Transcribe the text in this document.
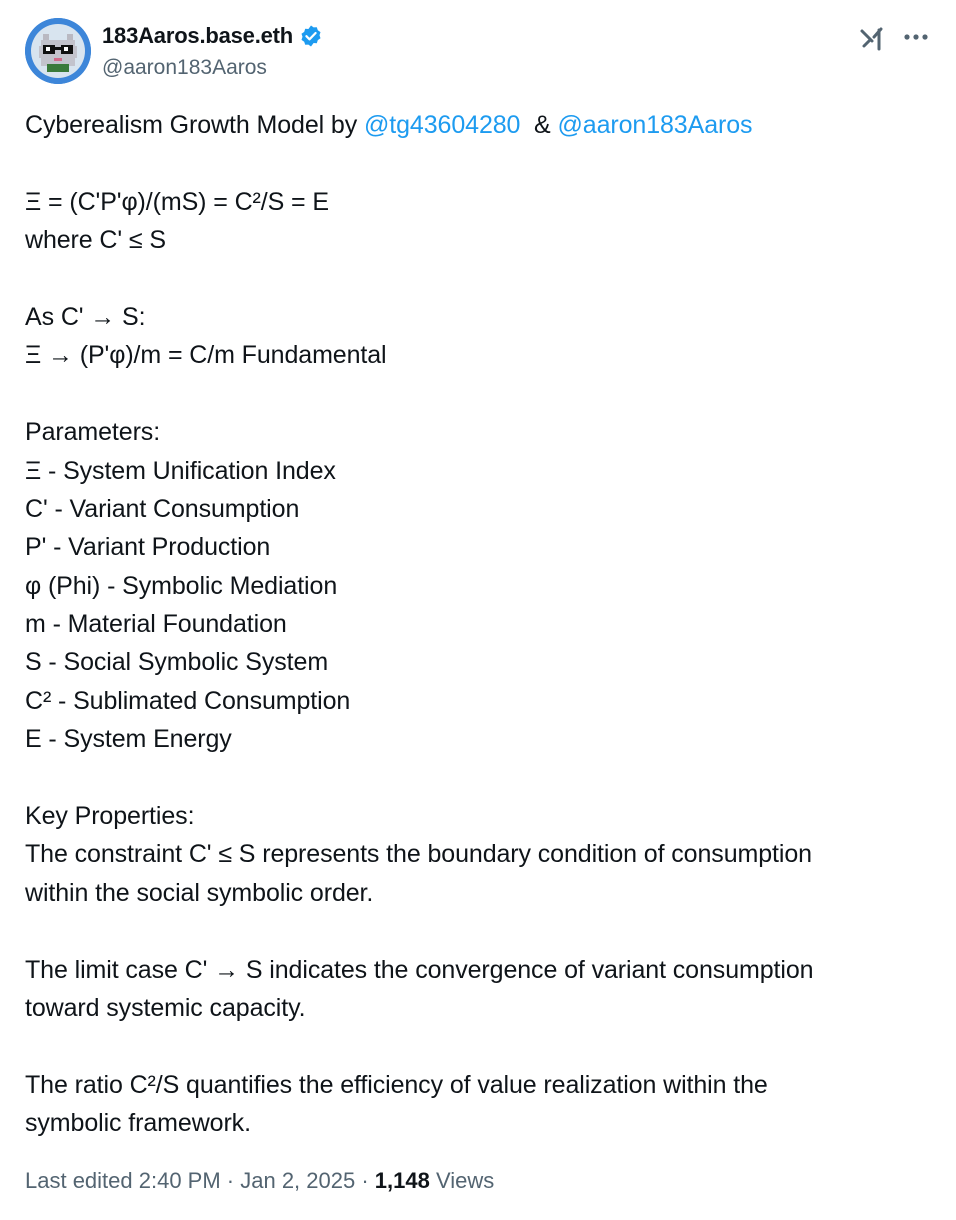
183Aaros.base.eth
@aaron183Aaros
Cyberealism Growth Model by @tg43604280  & @aaron183Aaros
Ξ = (C'P'φ)/(mS) = C²/S = E
where C' ≤ S
As C' → S:
Ξ → (P'φ)/m = C/m Fundamental
Parameters:
Ξ - System Unification Index
C' - Variant Consumption
P' - Variant Production
φ (Phi) - Symbolic Mediation
m - Material Foundation
S - Social Symbolic System
C² - Sublimated Consumption
E - System Energy
Key Properties:
The constraint C' ≤ S represents the boundary condition of consumption
within the social symbolic order.
The limit case C' → S indicates the convergence of variant consumption
toward systemic capacity.
The ratio C²/S quantifies the efficiency of value realization within the
symbolic framework.
Last edited 2:40 PM · Jan 2, 2025 · 1,148 Views
